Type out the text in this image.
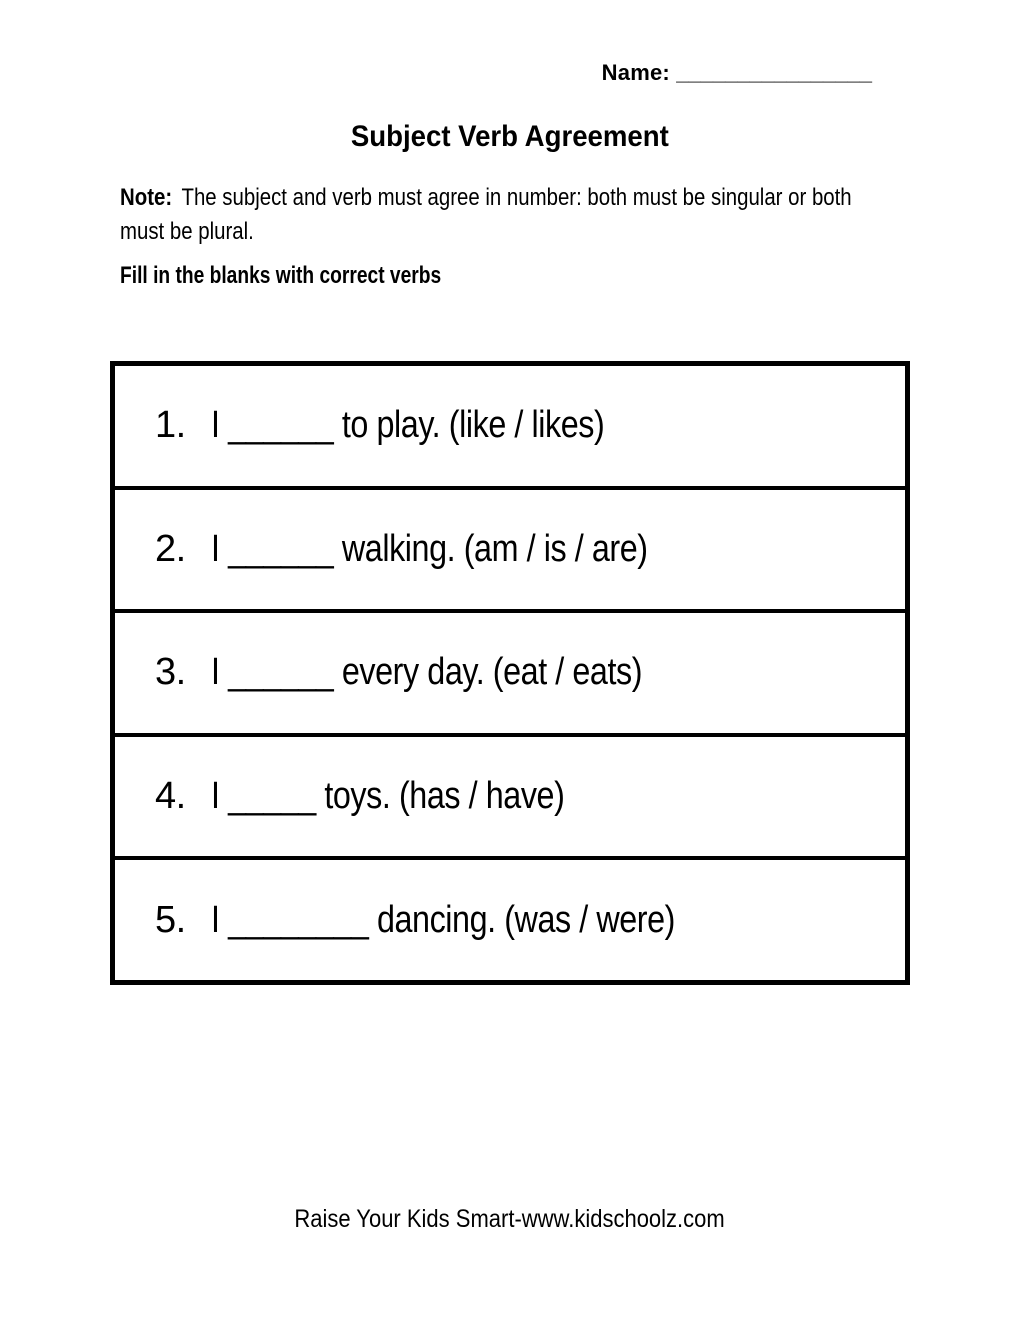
Name: ________________
Subject Verb Agreement
Note: The subject and verb must agree in number: both must be singular or both
must be plural.
Fill in the blanks with correct verbs
1. I ______ to play. (like / likes)
2. I ______ walking. (am / is / are)
3. I ______ every day. (eat / eats)
4. I _____ toys. (has / have)
5. I ________ dancing. (was / were)
Raise Your Kids Smart-www.kidschoolz.com
